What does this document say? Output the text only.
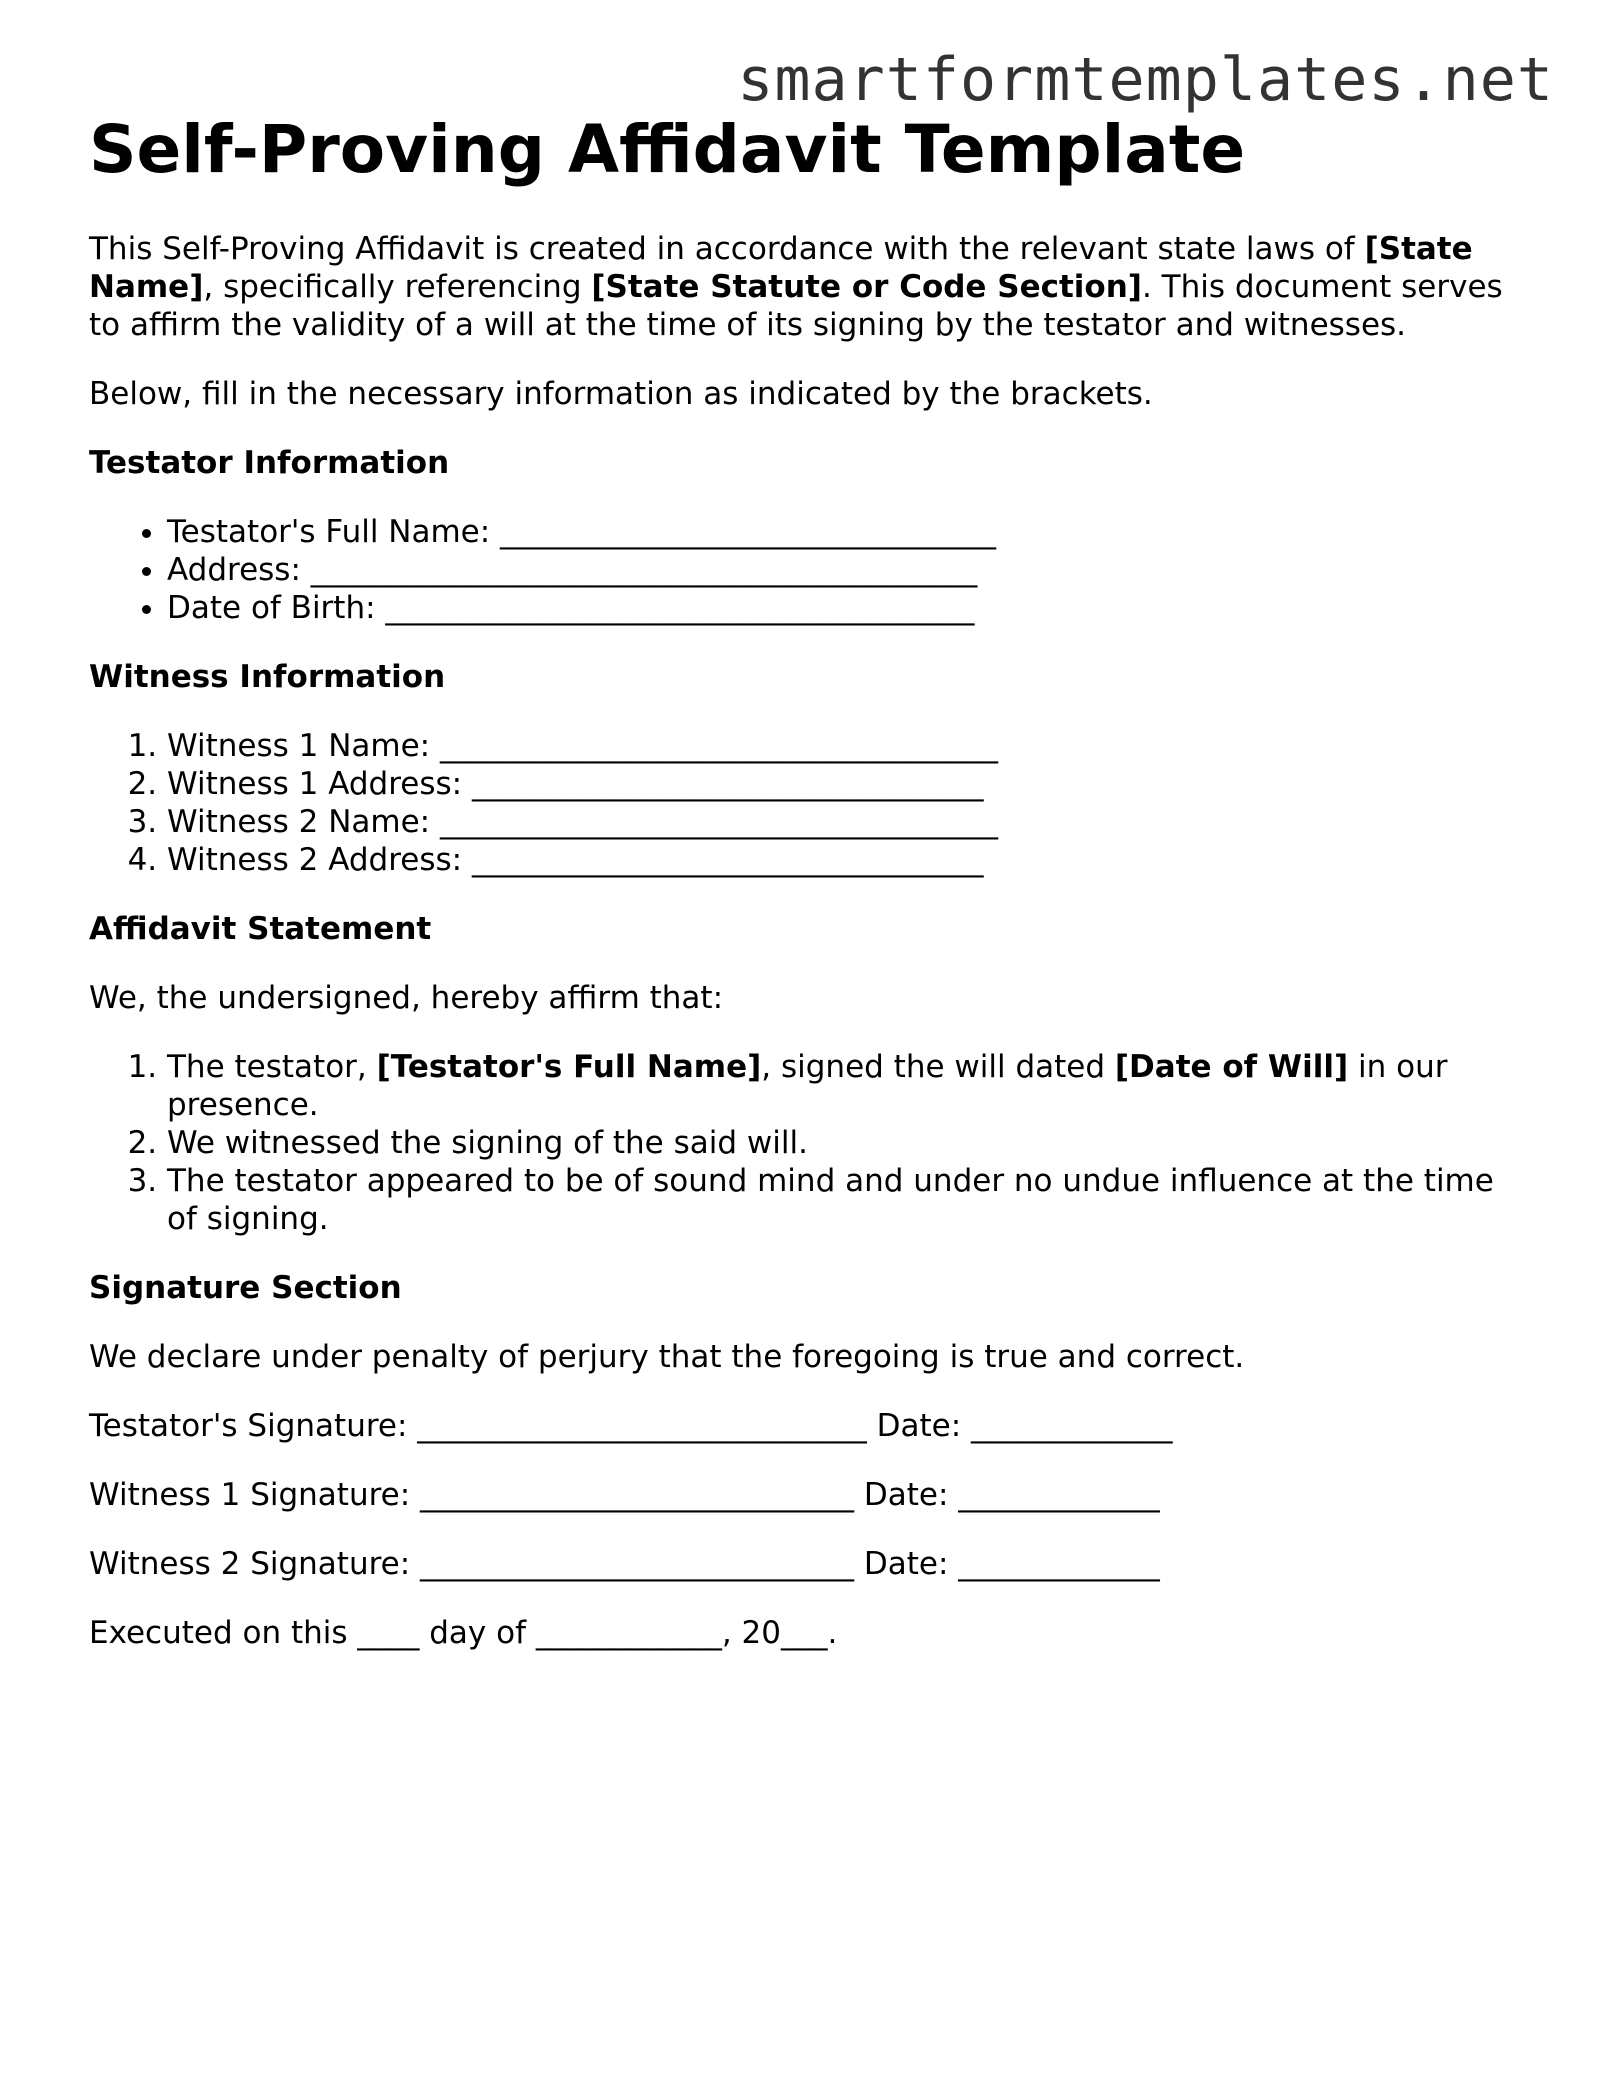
smartformtemplates.net
Self-Proving Affidavit Template

This Self-Proving Affidavit is created in accordance with the relevant state laws of [State Name], specifically referencing [State Statute or Code Section]. This document serves to affirm the validity of a will at the time of its signing by the testator and witnesses.

Below, fill in the necessary information as indicated by the brackets.

Testator Information
• Testator's Full Name: ________________________________
• Address: ___________________________________________
• Date of Birth: ______________________________________
Witness Information
1. Witness 1 Name: ____________________________________
2. Witness 1 Address: _________________________________
3. Witness 2 Name: ____________________________________
4. Witness 2 Address: _________________________________
Affidavit Statement

We, the undersigned, hereby affirm that:

1. The testator, [Testator's Full Name], signed the will dated [Date of Will] in our presence.
2. We witnessed the signing of the said will.
3. The testator appeared to be of sound mind and under no undue influence at the time of signing.
Signature Section

We declare under penalty of perjury that the foregoing is true and correct.

Testator's Signature: _____________________________ Date: _____________
Witness 1 Signature: ____________________________ Date: _____________
Witness 2 Signature: ____________________________ Date: _____________
Executed on this ____ day of ____________, 20___.
